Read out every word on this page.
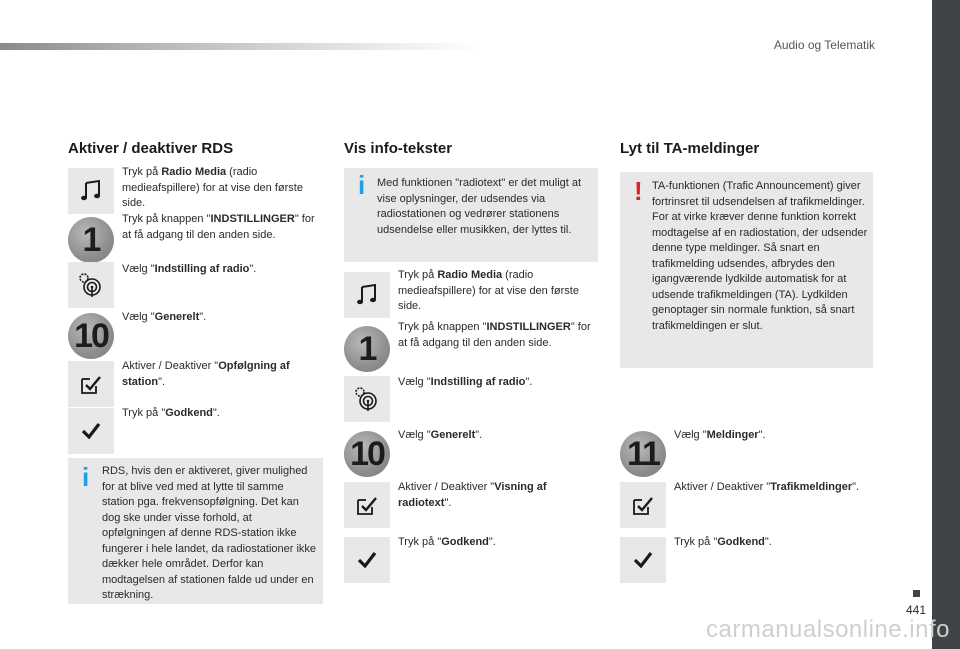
Audio og Telematik
Aktiver / deaktiver RDS
Tryk på Radio Media (radio medieafspillere) for at vise den første side.
1
Tryk på knappen "INDSTILLINGER" for at få adgang til den anden side.
Vælg "Indstilling af radio".
10	Vælg "Generelt".
Aktiver / Deaktiver "Opfølgning af station".
Tryk på "Godkend".
i RDS, hvis den er aktiveret, giver mulighed for at blive ved med at lytte til samme station pga. frekvensopfølgning. Det kan dog ske under visse forhold, at opfølgningen af denne RDS-station ikke fungerer i hele landet, da radiostationer ikke dækker hele området. Derfor kan modtagelsen af stationen falde ud under en strækning.
Vis info-tekster
i Med funktionen "radiotext" er det muligt at vise oplysninger, der udsendes via radiostationen og vedrører stationens udsendelse eller musikken, der lyttes til.
Tryk på Radio Media (radio medieafspillere) for at vise den første side.
1
Tryk på knappen "INDSTILLINGER" for at få adgang til den anden side.
Vælg "Indstilling af radio".
10	Vælg "Generelt".
Aktiver / Deaktiver "Visning af radiotext".
Tryk på "Godkend".
Lyt til TA-meldinger
! TA-funktionen (Trafic Announcement) giver fortrinsret til udsendelsen af trafikmeldinger. For at virke kræver denne funktion korrekt modtagelse af en radiostation, der udsender denne type meldinger. Så snart en trafikmelding udsendes, afbrydes den igangværende lydkilde automatisk for at udsende trafikmeldingen (TA). Lydkilden genoptager sin normale funktion, så snart trafikmeldingen er slut.
11	Vælg "Meldinger".
Aktiver / Deaktiver "Trafikmeldinger".
Tryk på "Godkend".
441
carmanualsonline.info
